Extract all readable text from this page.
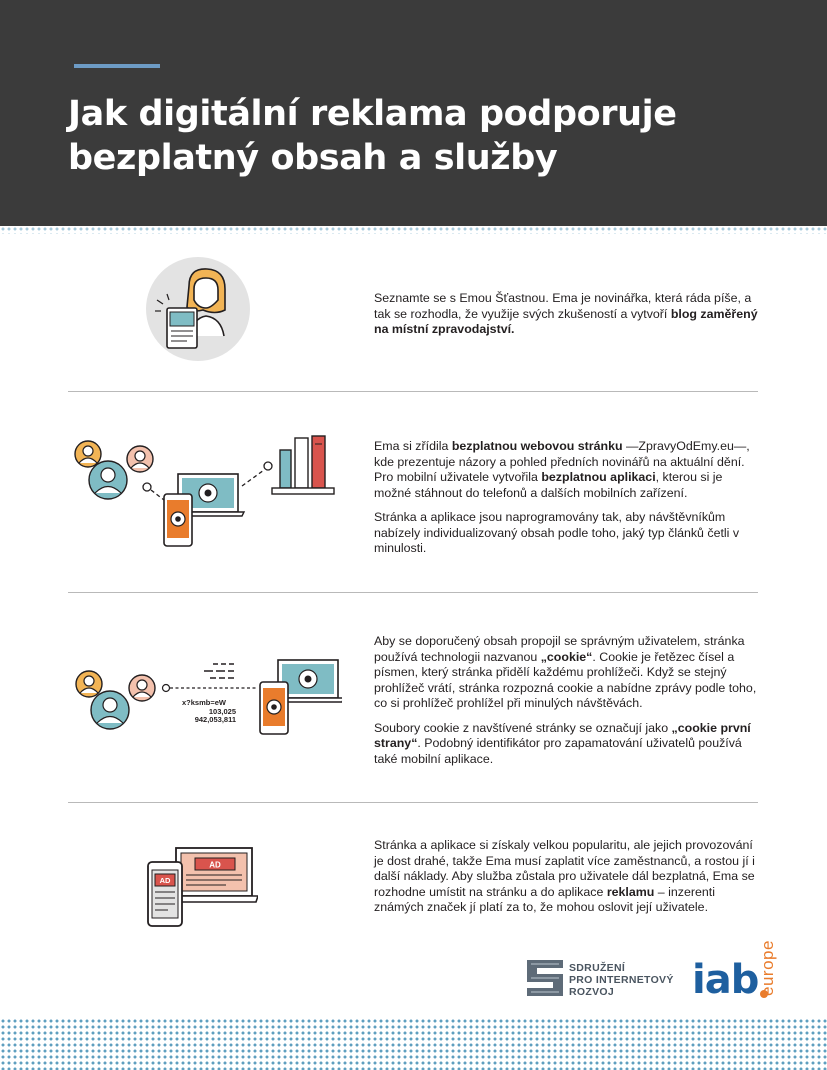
Jak digitální reklama podporuje
bezplatný obsah a služby

Seznamte se s Emou Šťastnou. Ema je novinářka, která ráda píše, a tak se rozhodla, že využije svých zkušeností a vytvoří blog zaměřený na místní zpravodajství.

Ema si zřídila bezplatnou webovou stránku —ZpravyOdEmy.eu—, kde prezentuje názory a pohled předních novinářů na aktuální dění. Pro mobilní uživatele vytvořila bezplatnou aplikaci, kterou si je možné stáhnout do telefonů a dalších mobilních zařízení.

Stránka a aplikace jsou naprogramovány tak, aby návštěvníkům nabízely individualizovaný obsah podle toho, jaký typ článků četli v minulosti.

x?ksmb=eW
103,025
942,053,811

Aby se doporučený obsah propojil se správným uživatelem, stránka používá technologii nazvanou „cookie“. Cookie je řetězec čísel a písmen, který stránka přidělí každému prohlížeči. Když se stejný prohlížeč vrátí, stránka rozpozná cookie a nabídne zprávy podle toho, co si prohlížeč prohlížel při minulých návštěvách.

Soubory cookie z navštívené stránky se označují jako „cookie první strany“. Podobný identifikátor pro zapamatování uživatelů používá také mobilní aplikace.

AD
AD

Stránka a aplikace si získaly velkou popularitu, ale jejich provozování je dost drahé, takže Ema musí zaplatit více zaměstnanců, a rostou jí i další náklady. Aby služba zůstala pro uživatele dál bezplatná, Ema se rozhodne umístit na stránku a do aplikace reklamu – inzerenti známých značek jí platí za to, že mohou oslovit její uživatele.

SDRUŽENÍ
PRO INTERNETOVÝ
ROZVOJ	iab europe
